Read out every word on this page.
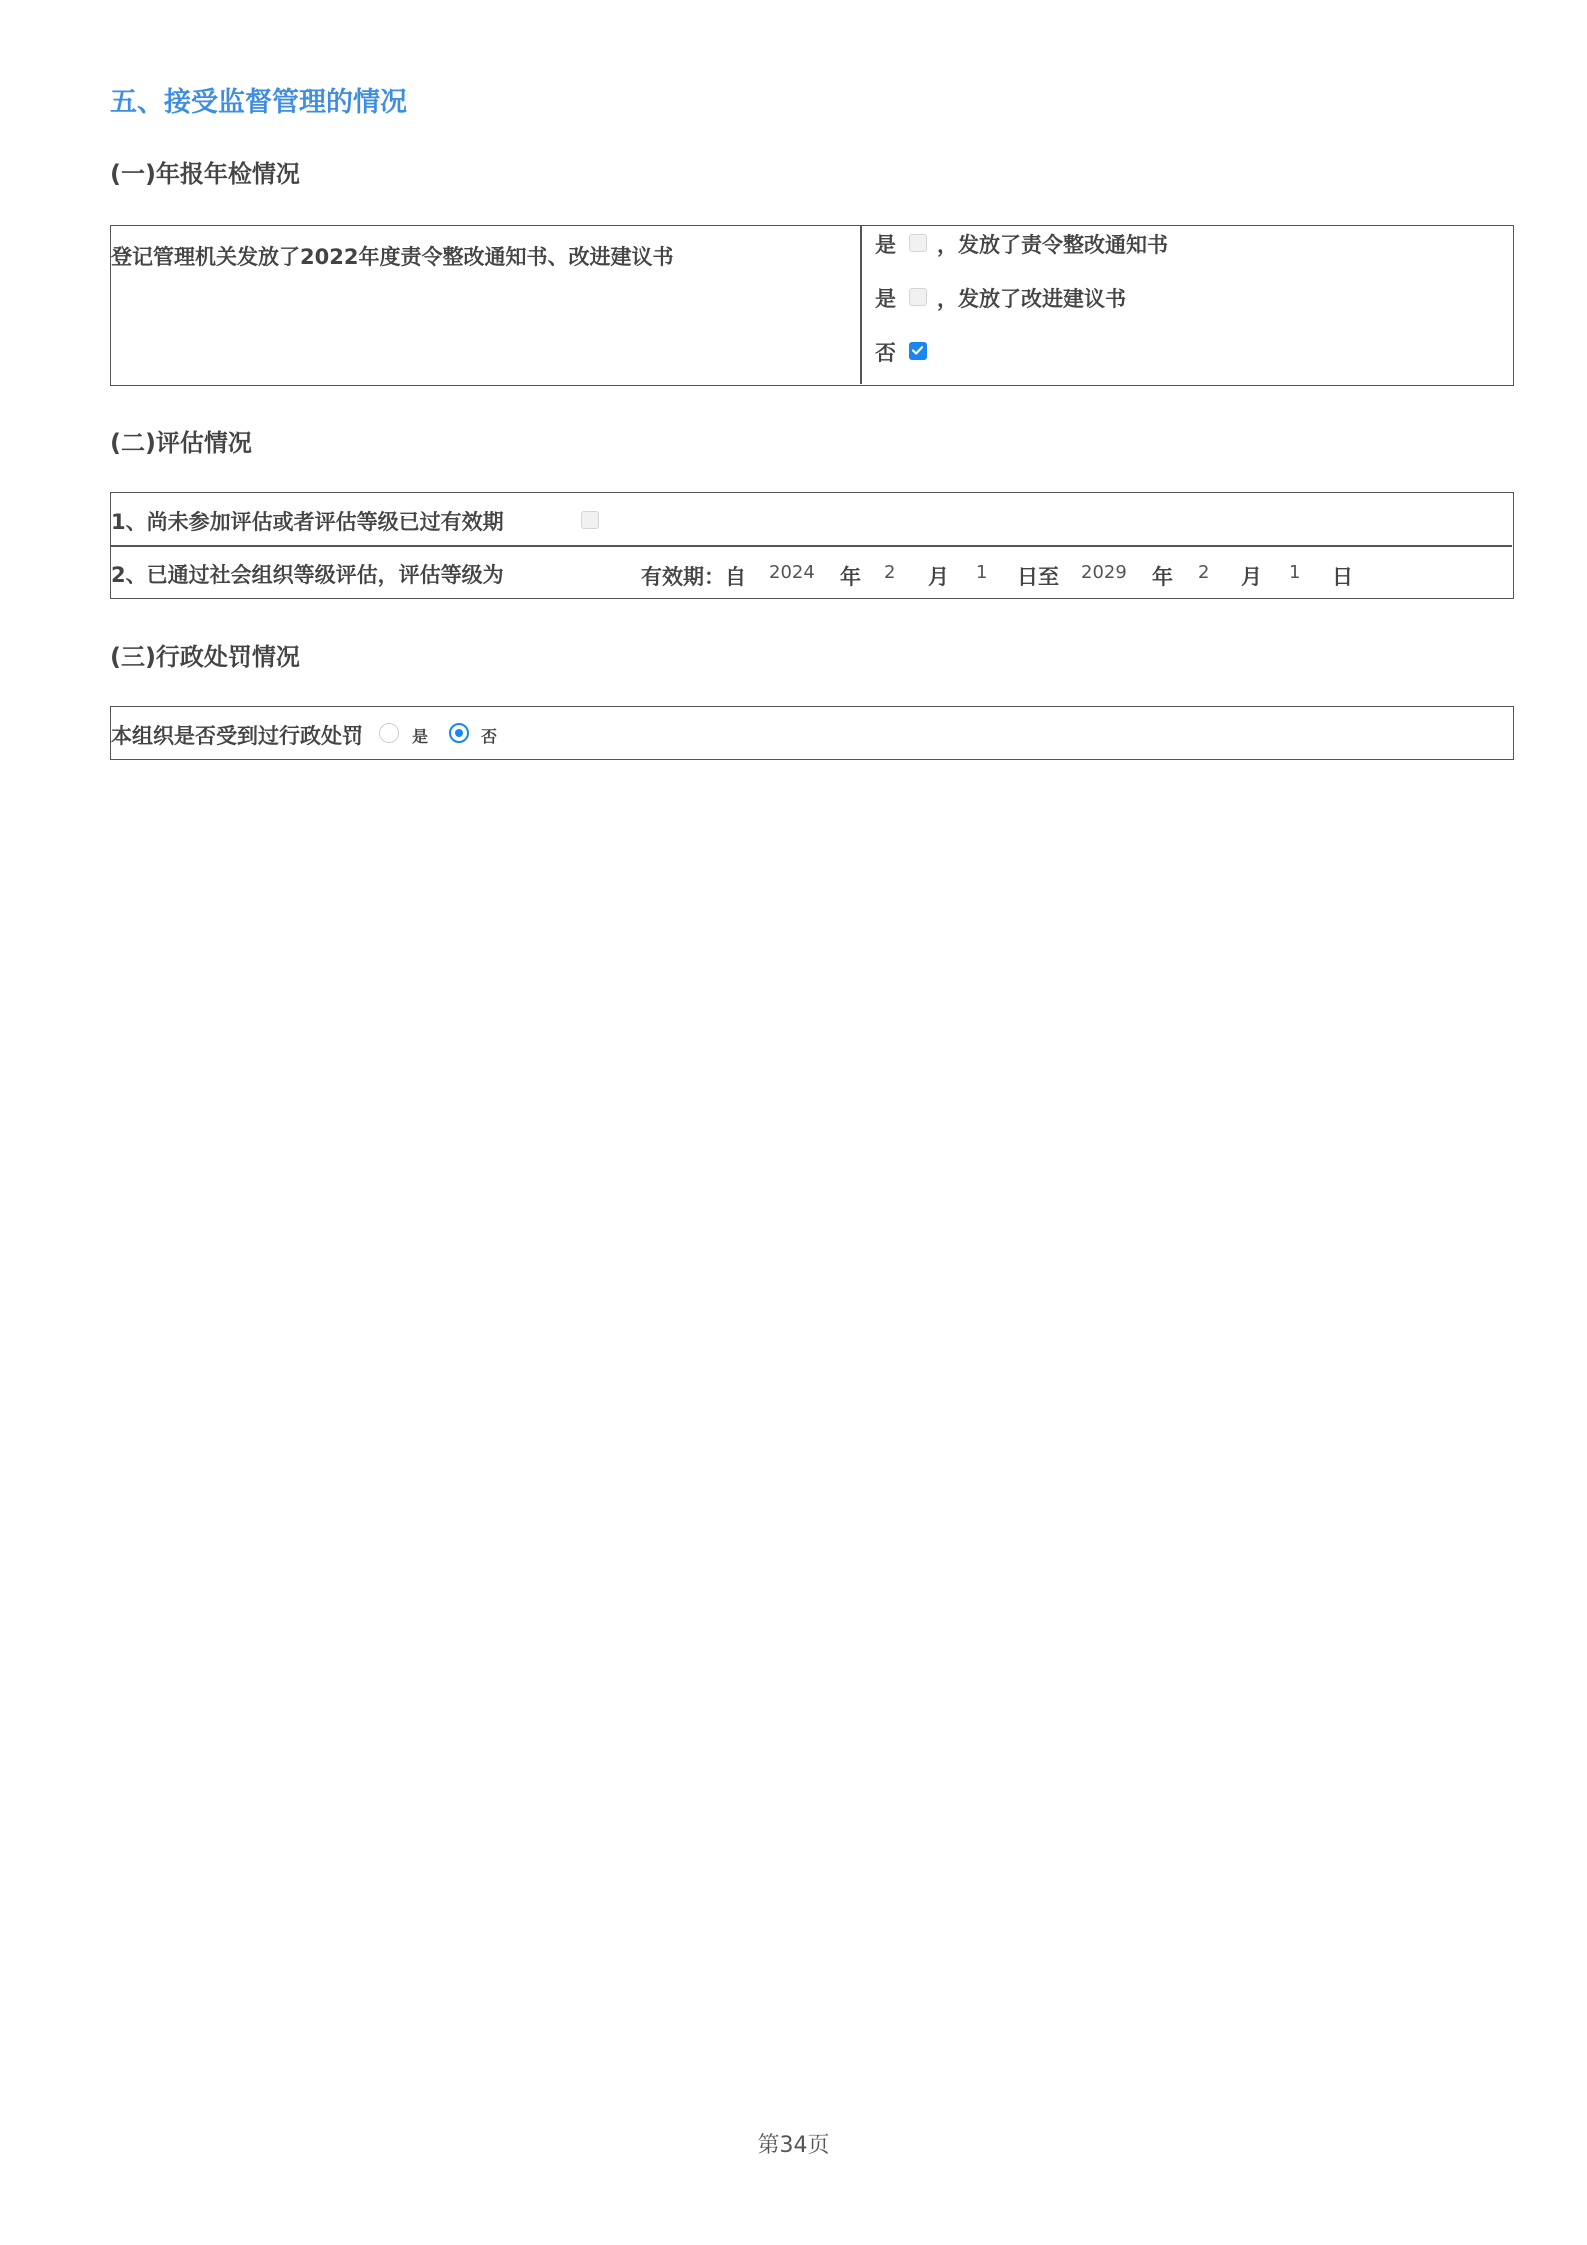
五、接受监督管理的情况
(一)年报年检情况
登记管理机关发放了2022年度责令整改通知书、改进建议书	是 ，发放了责令整改通知书
是 ，发放了改进建议书
否
(二)评估情况
1、尚未参加评估或者评估等级已过有效期
2、已通过社会组织等级评估，评估等级为	有效期：自 2024 年 2 月 1 日至 2029 年 2 月 1 日
(三)行政处罚情况
本组织是否受到过行政处罚	是	否
第34页
